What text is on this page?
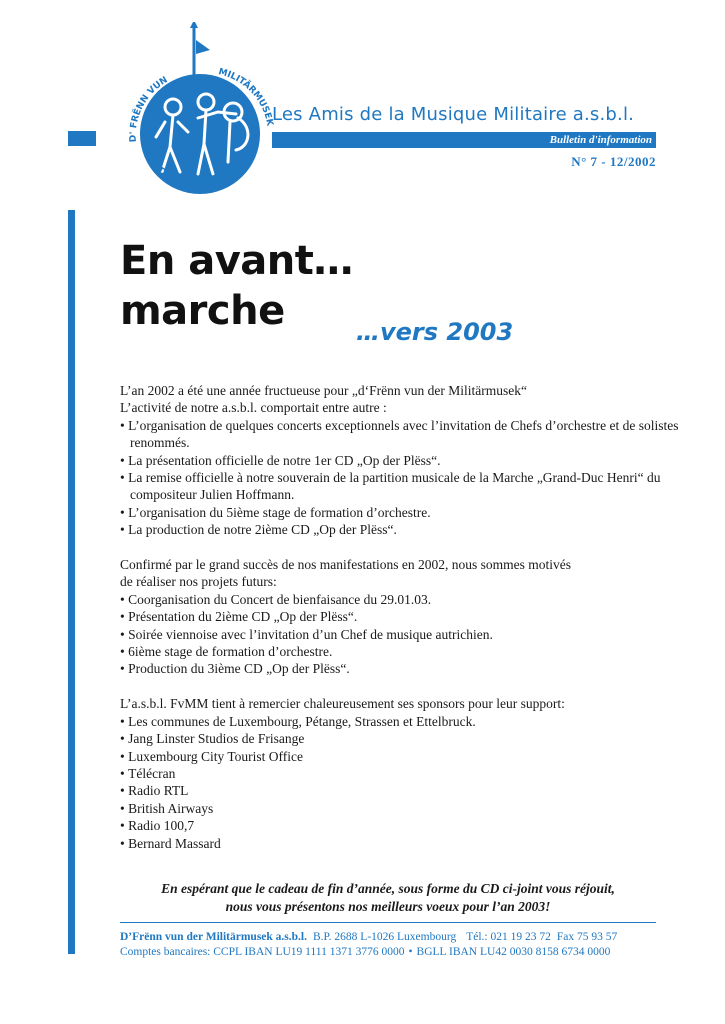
D' FRËNN VUN
MILITÄRMUSEK
DER MILITÄRMUSEK
Les Amis de la Musique Militaire a.s.b.l.
Bulletin d'information
N° 7 - 12/2002
En avant…
marche	…vers 2003

L’an 2002 a été une année fructueuse pour „d‘Frënn vun der Militärmusek“

L’activité de notre a.s.b.l. comportait entre autre :

• L’organisation de quelques concerts exceptionnels avec l’invitation de Chefs d’orchestre et de solistes renommés.
• La présentation officielle de notre 1er CD „Op der Plëss“.
• La remise officielle à notre souverain de la partition musicale de la Marche „Grand-Duc Henri“ du compositeur Julien Hoffmann.
• L’organisation du 5ième stage de formation d’orchestre.
• La production de notre 2ième CD „Op der Plëss“.

Confirmé par le grand succès de nos manifestations en 2002, nous sommes motivés

de réaliser nos projets futurs:

• Coorganisation du Concert de bienfaisance du 29.01.03.
• Présentation du 2ième CD „Op der Plëss“.
• Soirée viennoise avec l’invitation d’un Chef de musique autrichien.
• 6ième stage de formation d’orchestre.
• Production du 3ième CD „Op der Plëss“.

L’a.s.b.l. FvMM tient à remercier chaleureusement ses sponsors pour leur support:

• Les communes de Luxembourg, Pétange, Strassen et Ettelbruck.
• Jang Linster Studios de Frisange
• Luxembourg City Tourist Office
• Télécran
• Radio RTL
• British Airways
• Radio 100,7
• Bernard Massard
En espérant que le cadeau de fin d’année, sous forme du CD ci-joint vous réjouit,
nous vous présentons nos meilleurs voeux pour l’an 2003!
D’Frënn vun der Militärmusek a.s.b.l. B.P. 2688 L-1026 Luxembourg Tél.: 021 19 23 72 Fax 75 93 57
Comptes bancaires: CCPL IBAN LU19 1111 1371 3776 0000 • BGLL IBAN LU42 0030 8158 6734 0000
